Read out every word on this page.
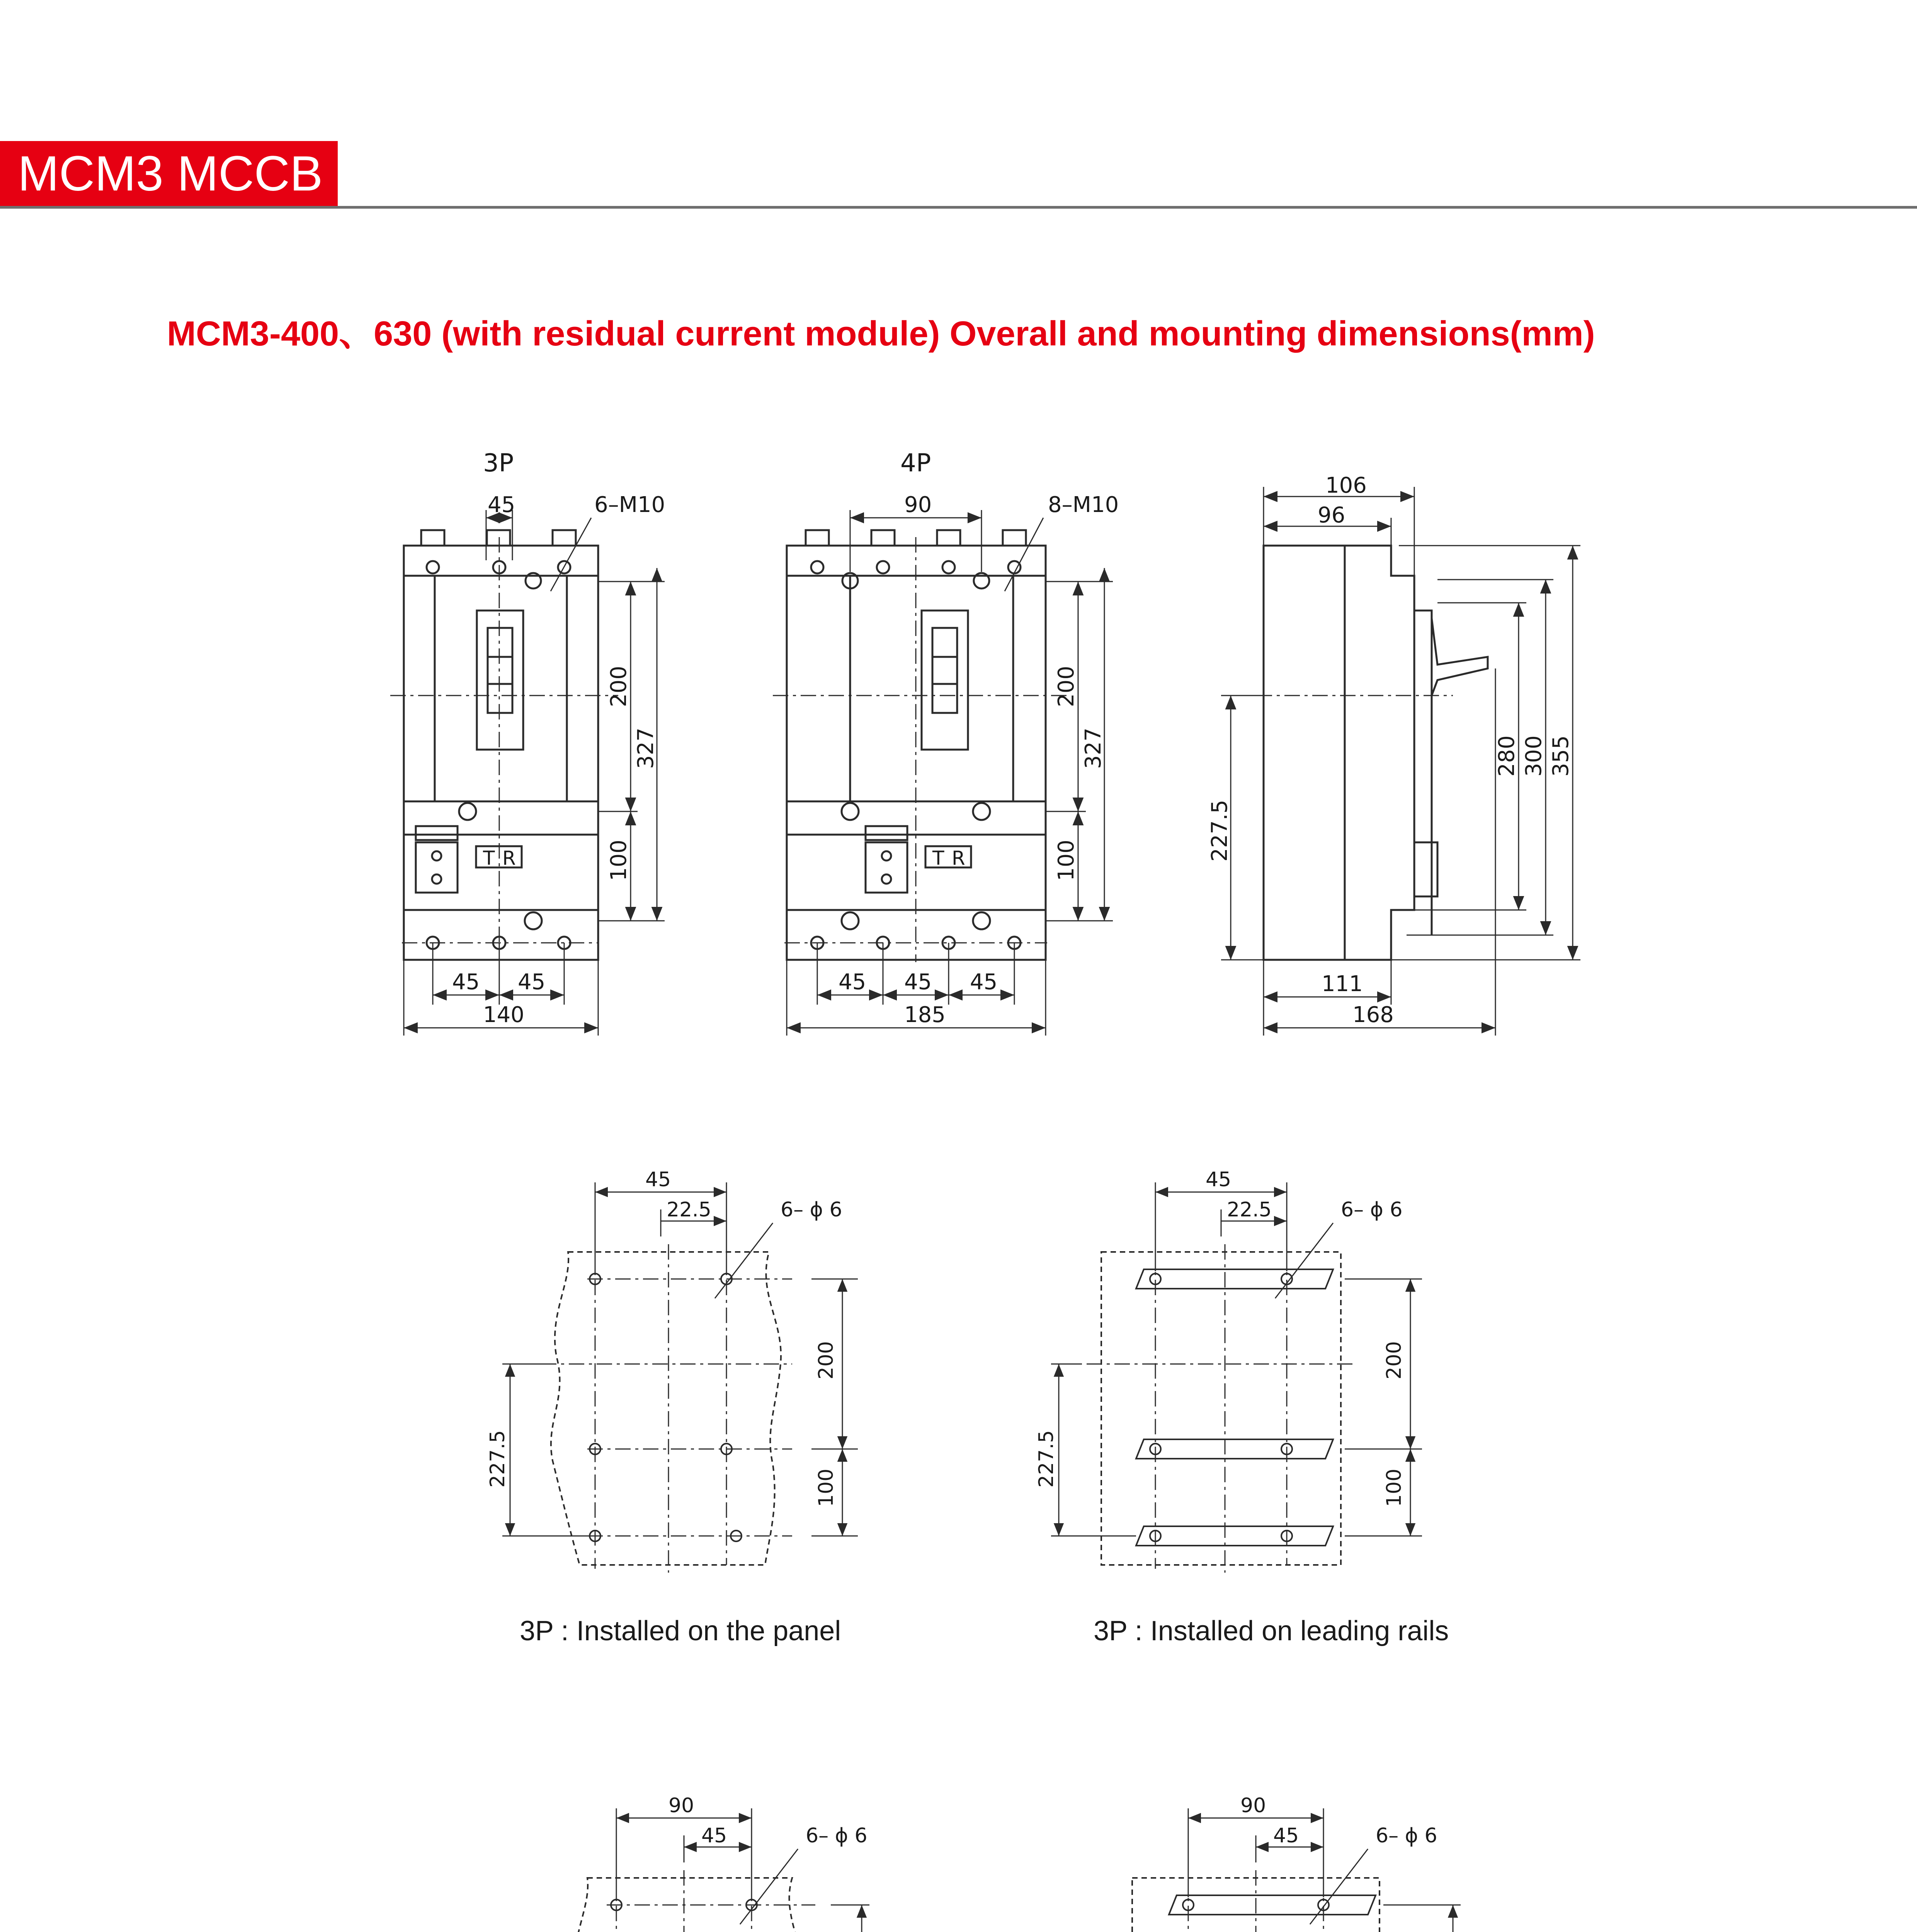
MCM3 MCCB
MCM3-400、630 (with residual current module) Overall and mounting dimensions(mm)
T R
3P
45	6–M10
200
327
100
45 45
140
T R
4P
90	8–M10
200
327
100
45 45 45
185
106
96
280 300 355
227.5
111
168
45
22.5	6– ϕ 6
200
100
227.5
3P : Installed on the panel
45
22.5	6– ϕ 6
200
100
227.5
3P : Installed on leading rails
90
45	6– ϕ 6
90
45	6– ϕ 6
